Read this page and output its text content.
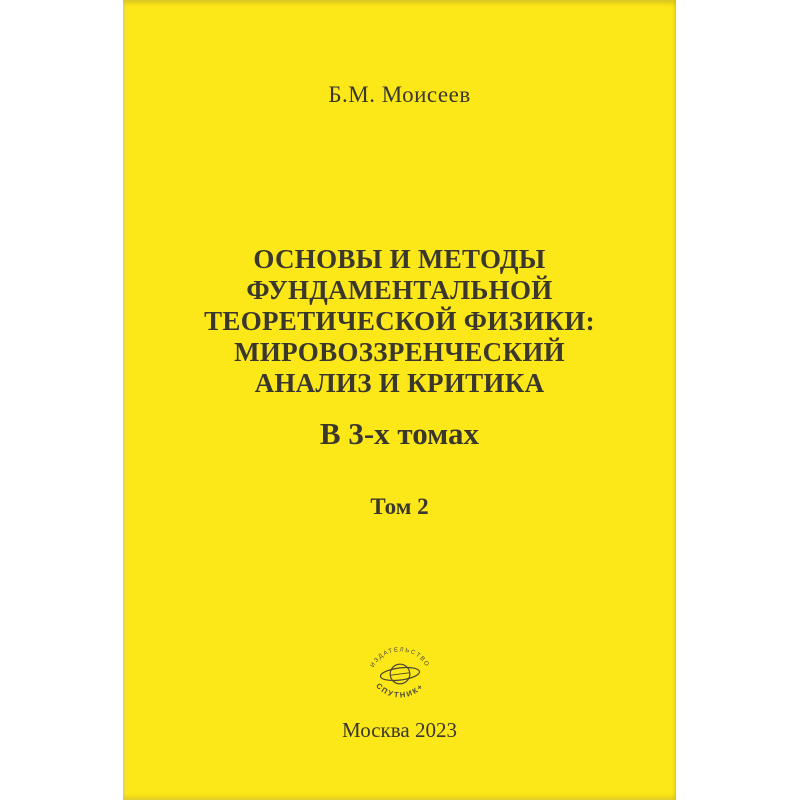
Б.М. Моисеев
ОСНОВЫ И МЕТОДЫ
ФУНДАМЕНТАЛЬНОЙ
ТЕОРЕТИЧЕСКОЙ ФИЗИКИ:
МИРОВОЗЗРЕНЧЕСКИЙ
АНАЛИЗ И КРИТИКА
В 3-х томах
Том 2
ИЗДАТЕЛЬСТВО
СПУТНИК+
Москва 2023
